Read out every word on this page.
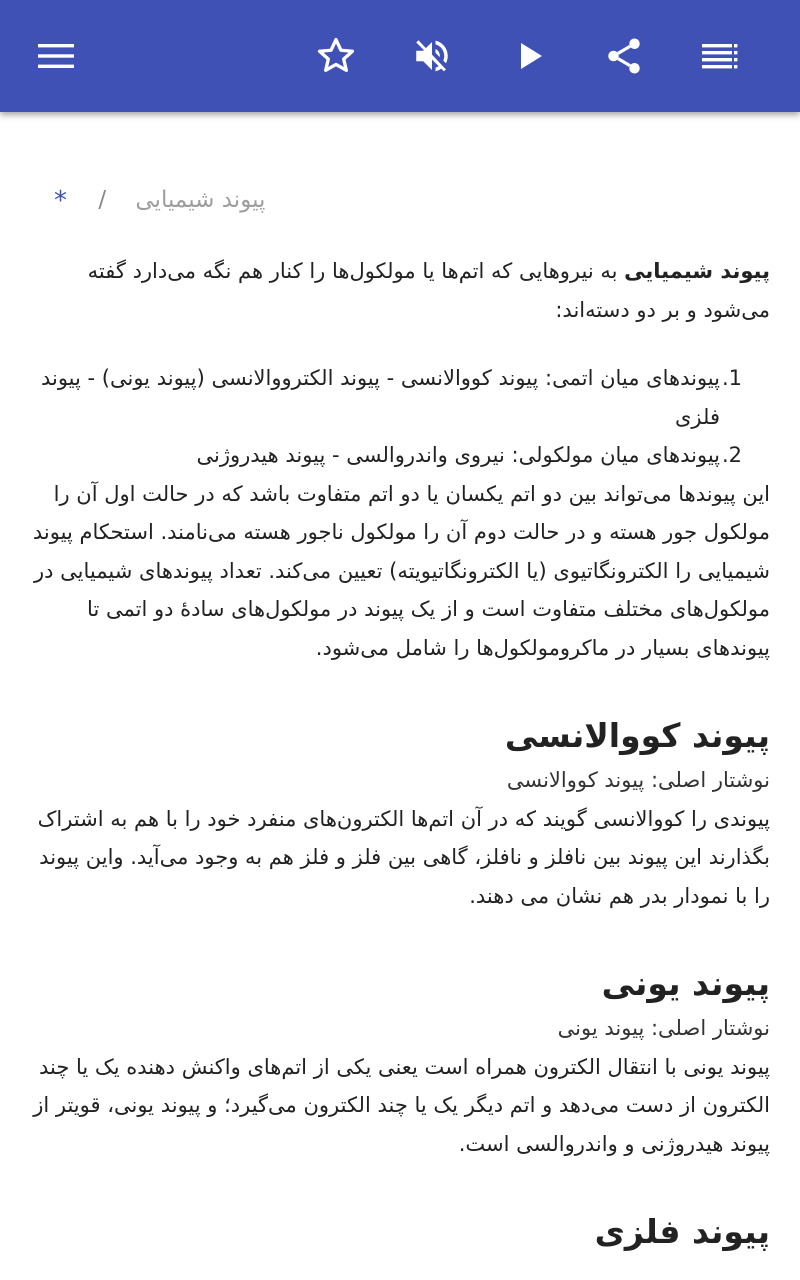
* / پیوند شیمیایی

پیوند شیمیایی به نیروهایی که اتم‌ها یا مولکول‌ها را کنار هم نگه می‌دارد گفته می‌شود و بر دو دسته‌اند:

1.
پیوندهای میان اتمی: پیوند کووالانسی - پیوند الکترووالانسی (پیوند یونی) - پیوند فلزی
2.
پیوندهای میان مولکولی: نیروی واندروالسی - پیوند هیدروژنی

این پیوندها می‌تواند بین دو اتم یکسان یا دو اتم متفاوت باشد که در حالت اول آن را مولکول جور هسته و در حالت دوم آن را مولکول ناجور هسته می‌نامند. استحکام پیوند شیمیایی را الکترونگاتیوی (یا الکترونگاتیویته) تعیین می‌کند. تعداد پیوندهای شیمیایی در مولکول‌های مختلف متفاوت است و از یک پیوند در مولکول‌های سادهٔ دو اتمی تا پیوندهای بسیار در ماکرومولکول‌ها را شامل می‌شود.

پیوند کووالانسی

نوشتار اصلی: پیوند کووالانسی

پیوندی را کووالانسی گویند که در آن اتم‌ها الکترون‌های منفرد خود را با هم به اشتراک بگذارند این پیوند بین نافلز و نافلز، گاهی بین فلز و فلز هم به وجود می‌آید. واین پیوند را با نمودار بدر هم نشان می دهند.

پیوند یونی

نوشتار اصلی: پیوند یونی

پیوند یونی با انتقال الکترون همراه است یعنی یکی از اتم‌های واکنش دهنده یک یا چند الکترون از دست می‌دهد و اتم دیگر یک یا چند الکترون می‌گیرد؛ و پیوند یونی، قویتر از پیوند هیدروژنی و واندروالسی است.

پیوند فلزی
